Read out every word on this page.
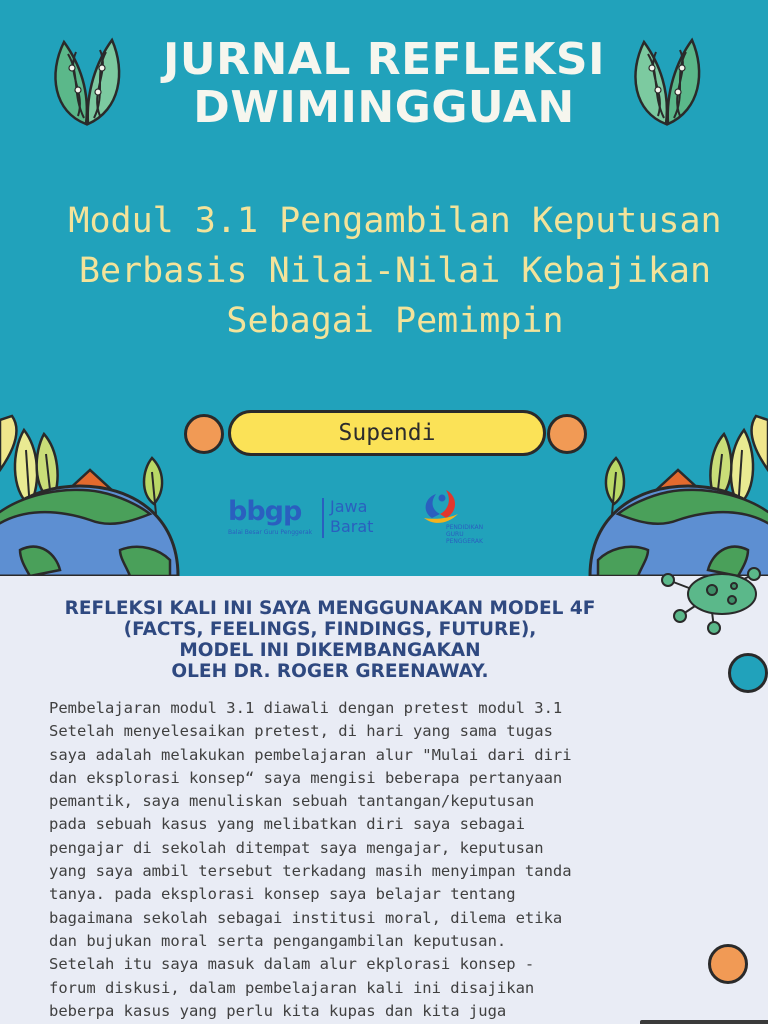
JURNAL REFLEKSI
DWIMINGGUAN
Modul 3.1 Pengambilan Keputusan
Berbasis Nilai-Nilai Kebajikan
Sebagai Pemimpin
Supendi
bbgp
Balai Besar Guru Penggerak
Jawa
Barat	PENDIDIKAN
GURU
PENGGERAK
REFLEKSI KALI INI SAYA MENGGUNAKAN MODEL 4F
(FACTS, FEELINGS, FINDINGS, FUTURE),
MODEL INI DIKEMBANGAKAN
OLEH DR. ROGER GREENAWAY.
Pembelajaran modul 3.1 diawali dengan pretest modul 3.1
Setelah menyelesaikan pretest, di hari yang sama tugas
saya adalah melakukan pembelajaran alur "Mulai dari diri
dan eksplorasi konsep“ saya mengisi beberapa pertanyaan
pemantik, saya menuliskan sebuah tantangan/keputusan
pada sebuah kasus yang melibatkan diri saya sebagai
pengajar di sekolah ditempat saya mengajar, keputusan
yang saya ambil tersebut terkadang masih menyimpan tanda
tanya. pada eksplorasi konsep saya belajar tentang
bagaimana sekolah sebagai institusi moral, dilema etika
dan bujukan moral serta pengangambilan keputusan.
Setelah itu saya masuk dalam alur ekplorasi konsep -
forum diskusi, dalam pembelajaran kali ini disajikan
beberpa kasus yang perlu kita kupas dan kita juga
